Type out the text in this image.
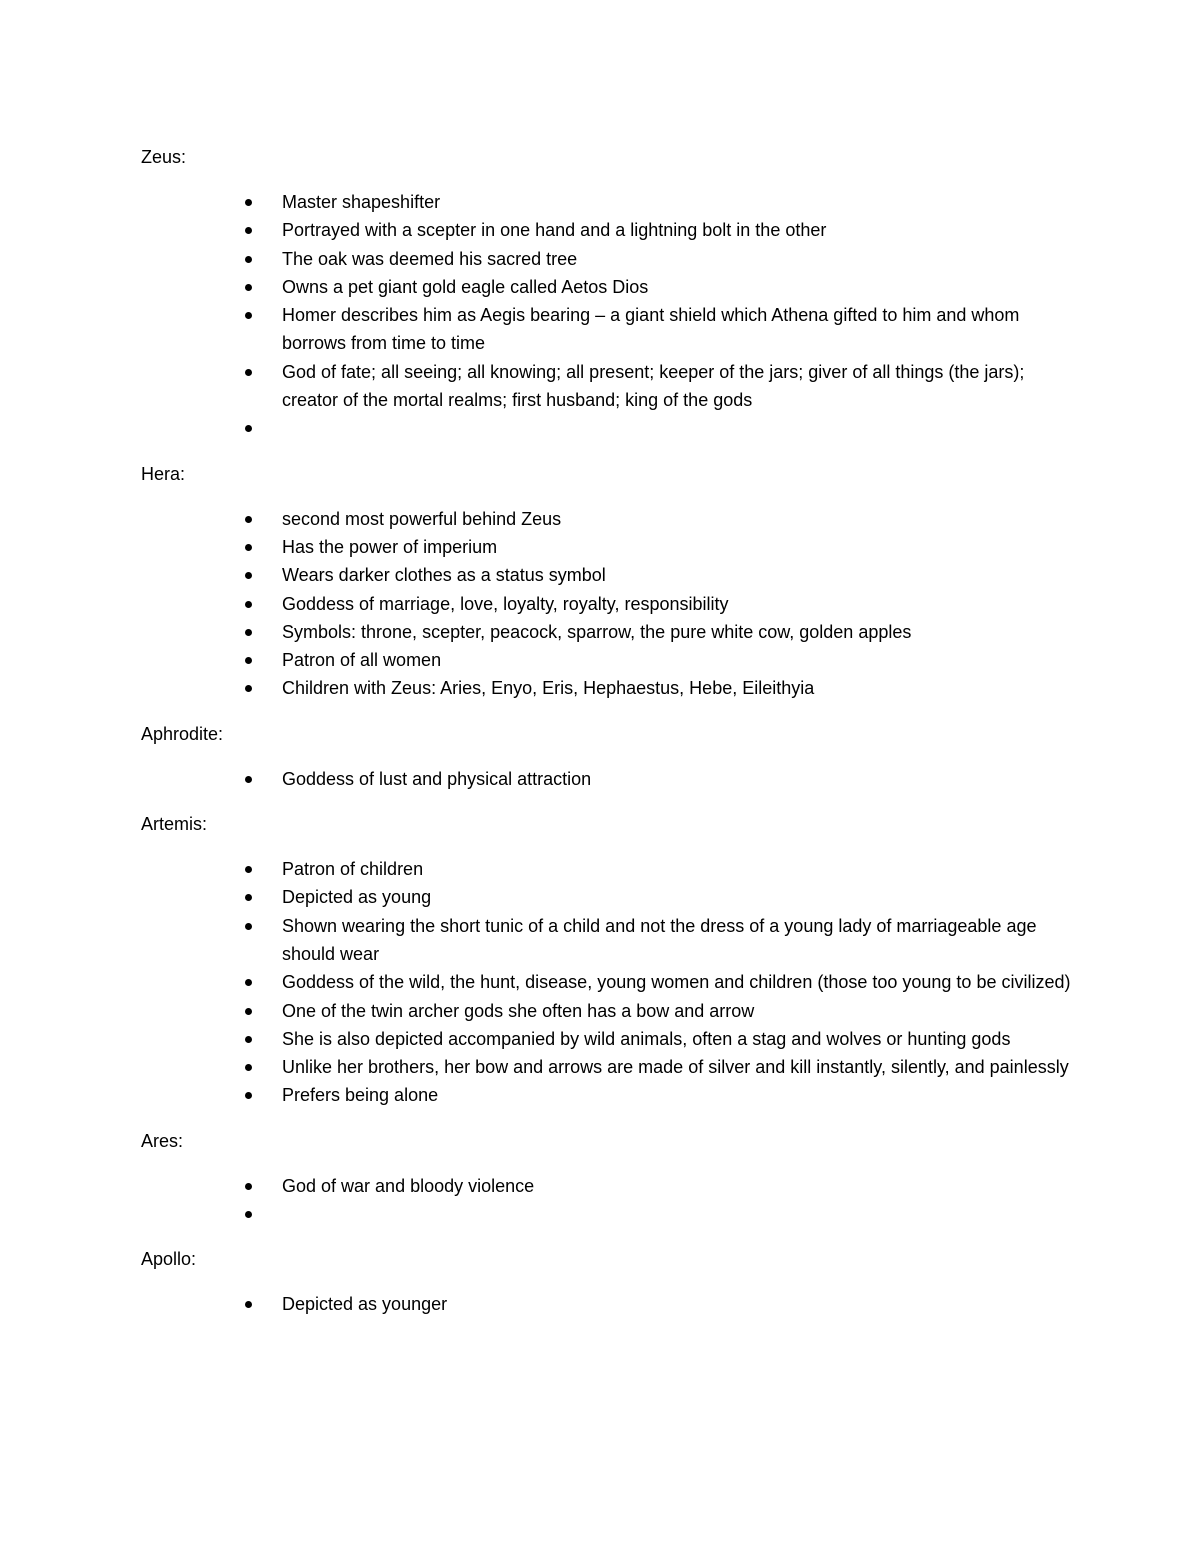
Zeus:
Master shapeshifter
Portrayed with a scepter in one hand and a lightning bolt in the other
The oak was deemed his sacred tree
Owns a pet giant gold eagle called Aetos Dios
Homer describes him as Aegis bearing – a giant shield which Athena gifted to him and whom borrows from time to time
God of fate; all seeing; all knowing; all present; keeper of the jars; giver of all things (the jars); creator of the mortal realms; first husband; king of the gods
Hera:
second most powerful behind Zeus
Has the power of imperium
Wears darker clothes as a status symbol
Goddess of marriage, love, loyalty, royalty, responsibility
Symbols: throne, scepter, peacock, sparrow, the pure white cow, golden apples
Patron of all women
Children with Zeus: Aries, Enyo, Eris, Hephaestus, Hebe, Eileithyia
Aphrodite:
Goddess of lust and physical attraction
Artemis:
Patron of children
Depicted as young
Shown wearing the short tunic of a child and not the dress of a young lady of marriageable age should wear
Goddess of the wild, the hunt, disease, young women and children (those too young to be civilized)
One of the twin archer gods she often has a bow and arrow
She is also depicted accompanied by wild animals, often a stag and wolves or hunting gods
Unlike her brothers, her bow and arrows are made of silver and kill instantly, silently, and painlessly
Prefers being alone
Ares:
God of war and bloody violence
Apollo:
Depicted as younger
